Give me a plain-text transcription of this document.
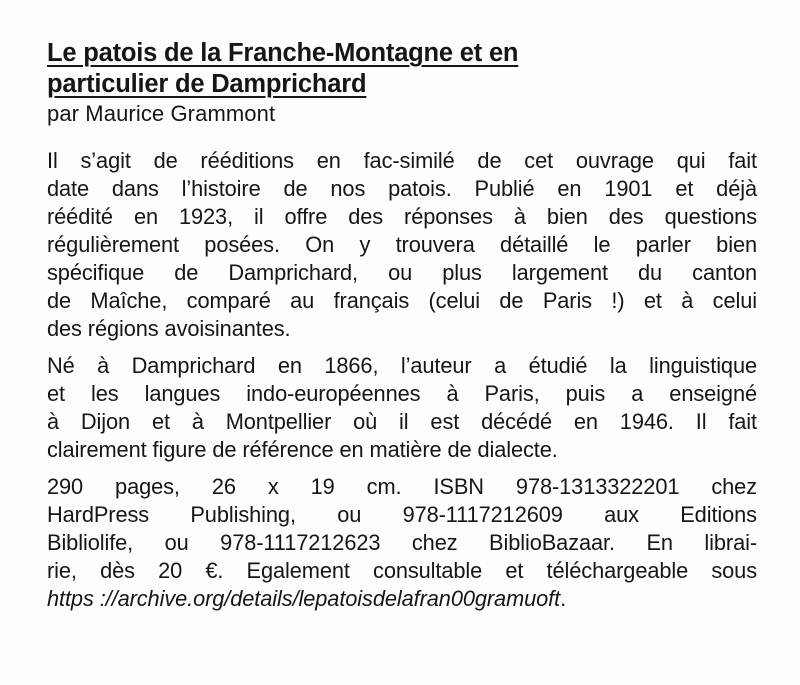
Le patois de la Franche-Montagne et en
particulier de Damprichard

par Maurice Grammont

Il s’agit de rééditions en fac-similé de cet ouvrage qui fait
date dans l’histoire de nos patois. Publié en 1901 et déjà
réédité en 1923, il offre des réponses à bien des questions
régulièrement posées. On y trouvera détaillé le parler bien
spécifique de Damprichard, ou plus largement du canton
de Maîche, comparé au français (celui de Paris !) et à celui
des régions avoisinantes.

Né à Damprichard en 1866, l’auteur a étudié la linguistique
et les langues indo-européennes à Paris, puis a enseigné
à Dijon et à Montpellier où il est décédé en 1946. Il fait
clairement figure de référence en matière de dialecte.

290 pages, 26 x 19 cm. ISBN 978-1313322201 chez
HardPress Publishing, ou 978-1117212609 aux Editions
Bibliolife, ou 978-1117212623 chez BiblioBazaar. En librai-
rie, dès 20 €. Egalement consultable et téléchargeable sous
https ://archive.org/details/lepatoisdelafran00gramuoft.
